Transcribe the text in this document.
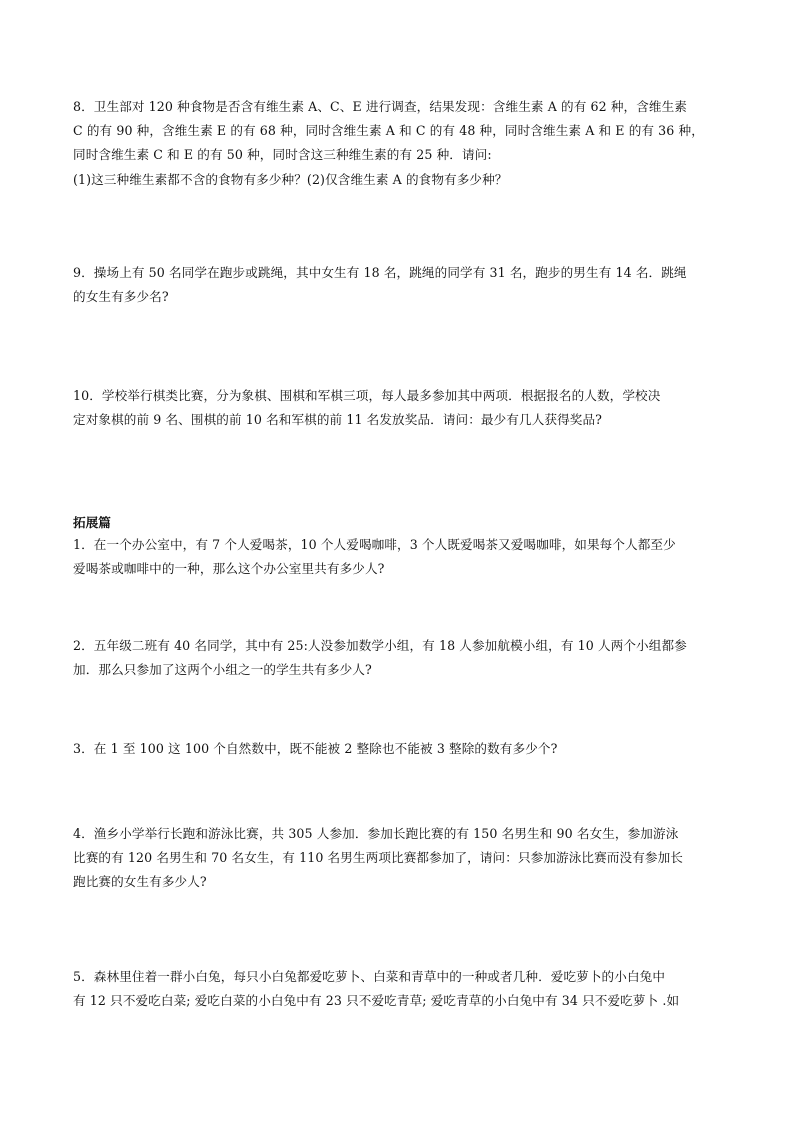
8．卫生部对 120 种食物是否含有维生素 A、C、E 进行调查，结果发现：含维生素 A 的有 62 种，含维生素
C 的有 90 种，含维生素 E 的有 68 种，同时含维生素 A 和 C 的有 48 种，同时含维生素 A 和 E 的有 36 种，
同时含维生素 C 和 E 的有 50 种，同时含这三种维生素的有 25 种．请问:
(1)这三种维生素都不含的食物有多少种？(2)仅含维生素 A 的食物有多少种？
9．操场上有 50 名同学在跑步或跳绳，其中女生有 18 名，跳绳的同学有 31 名，跑步的男生有 14 名．跳绳
的女生有多少名?
10．学校举行棋类比赛，分为象棋、围棋和军棋三项，每人最多参加其中两项．根据报名的人数，学校决
定对象棋的前 9 名、围棋的前 10 名和军棋的前 11 名发放奖品．请问：最少有几人获得奖品?
拓展篇
1．在一个办公室中，有 7 个人爱喝茶，10 个人爱喝咖啡，3 个人既爱喝茶又爱喝咖啡，如果每个人都至少
爱喝茶或咖啡中的一种，那么这个办公室里共有多少人?
2．五年级二班有 40 名同学，其中有 25:人没参加数学小组，有 18 人参加航模小组，有 10 人两个小组都参
加．那么只参加了这两个小组之一的学生共有多少人?
3．在 1 至 100 这 100 个自然数中，既不能被 2 整除也不能被 3 整除的数有多少个?
4．渔乡小学举行长跑和游泳比赛，共 305 人参加．参加长跑比赛的有 150 名男生和 90 名女生，参加游泳
比赛的有 120 名男生和 70 名女生，有 110 名男生两项比赛都参加了，请问：只参加游泳比赛而没有参加长
跑比赛的女生有多少人?
5．森林里住着一群小白兔，每只小白兔都爱吃萝卜、白菜和青草中的一种或者几种．爱吃萝卜的小白兔中
有 12 只不爱吃白菜; 爱吃白菜的小白兔中有 23 只不爱吃青草; 爱吃青草的小白兔中有 34 只不爱吃萝卜 .如
